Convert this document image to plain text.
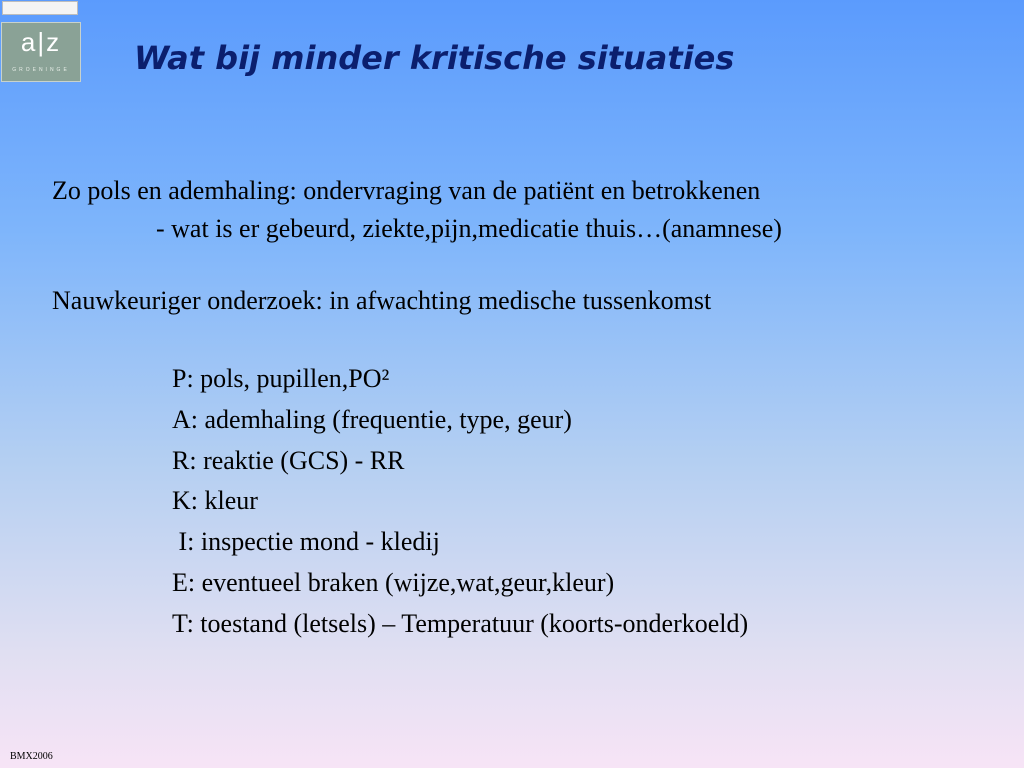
a|z
GROENINGE	Wat bij minder kritische situaties

Zo pols en ademhaling: ondervraging van de patiënt en betrokkenen

- wat is er gebeurd, ziekte,pijn,medicatie thuis…(anamnese)

Nauwkeuriger onderzoek: in afwachting medische tussenkomst

P: pols, pupillen,PO²
A: ademhaling (frequentie, type, geur)
R: reaktie (GCS) - RR
K: kleur
I: inspectie mond - kledij
E: eventueel braken (wijze,wat,geur,kleur)
T: toestand (letsels) – Temperatuur (koorts-onderkoeld)
BMX2006
